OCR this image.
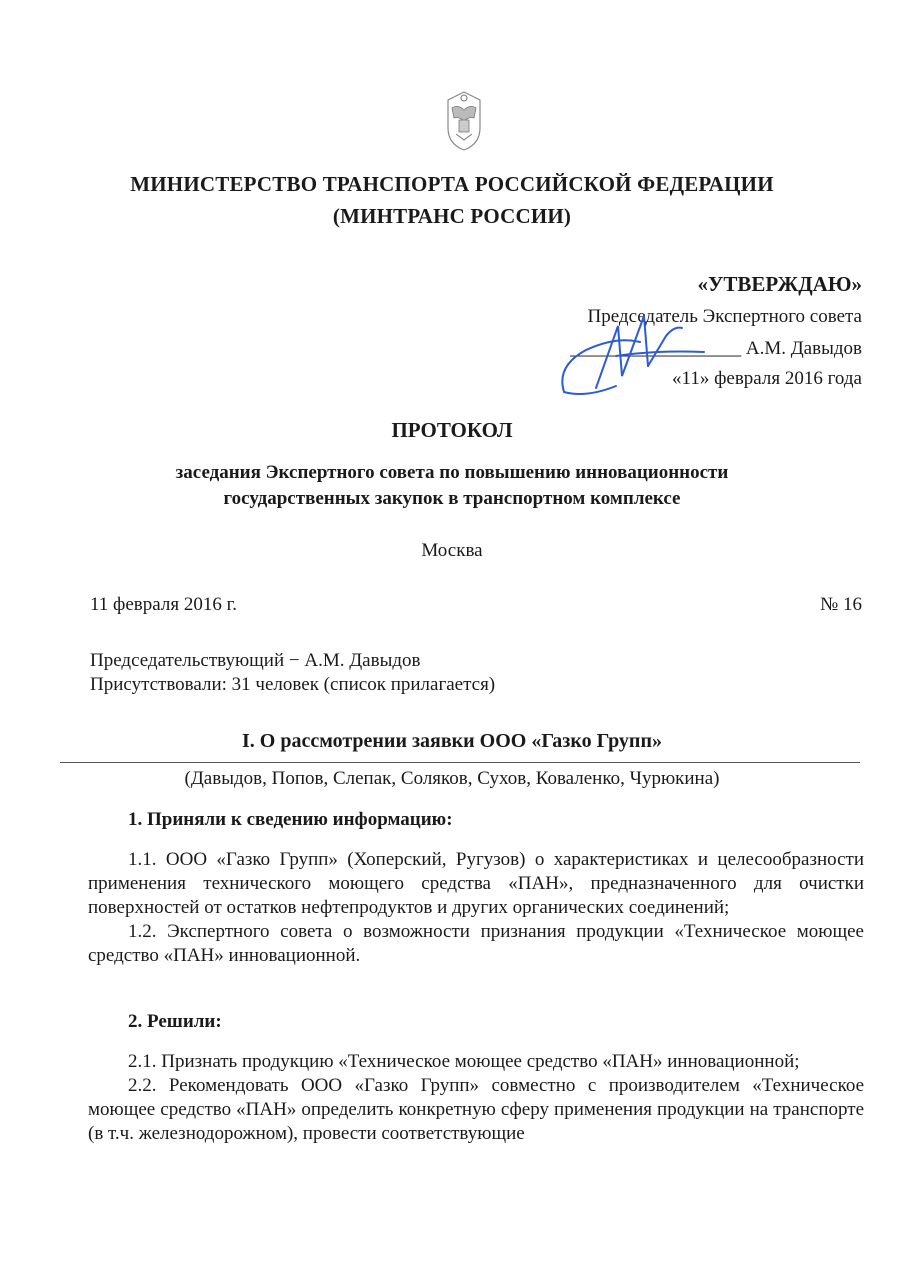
МИНИСТЕРСТВО ТРАНСПОРТА РОССИЙСКОЙ ФЕДЕРАЦИИ
(МИНТРАНС РОССИИ)
«УТВЕРЖДАЮ»
Председатель Экспертного совета
__________________ А.М. Давыдов
«11» февраля 2016 года
ПРОТОКОЛ
заседания Экспертного совета по повышению инновационности
государственных закупок в транспортном комплексе
Москва
11 февраля 2016 г.	№ 16
Председательствующий − А.М. Давыдов
Присутствовали: 31 человек (список прилагается)
I. О рассмотрении заявки ООО «Газко Групп»
(Давыдов, Попов, Слепак, Соляков, Сухов, Коваленко, Чурюкина)

1. Приняли к сведению информацию:

1.1. ООО «Газко Групп» (Хоперский, Ругузов) о характеристиках и целесообразности применения технического моющего средства «ПАН», предназначенного для очистки поверхностей от остатков нефтепродуктов и других органических соединений;

1.2. Экспертного совета о возможности признания продукции «Техническое моющее средство «ПАН» инновационной.

2. Решили:

2.1. Признать продукцию «Техническое моющее средство «ПАН» инновационной;

2.2. Рекомендовать ООО «Газко Групп» совместно с производителем «Техническое моющее средство «ПАН» определить конкретную сферу применения продукции на транспорте (в т.ч. железнодорожном), провести соответствующие
